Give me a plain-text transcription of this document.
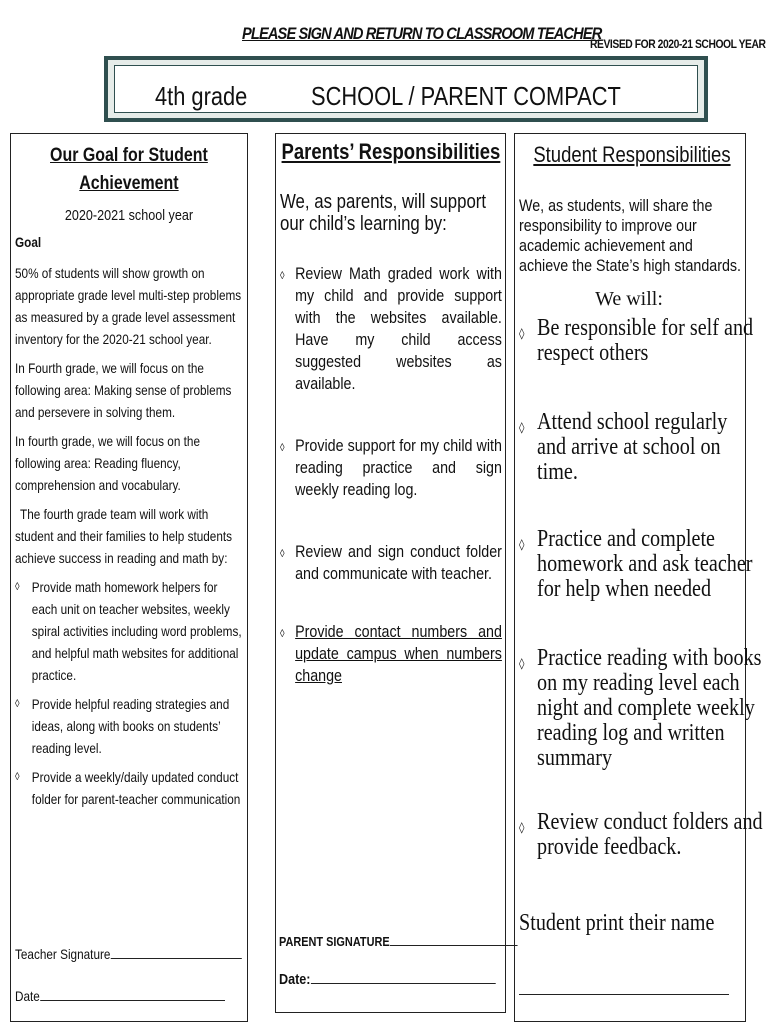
PLEASE SIGN AND RETURN TO CLASSROOM TEACHER
REVISED FOR 2020-21 SCHOOL YEAR
4th grade SCHOOL / PARENT COMPACT
Our Goal for Student Achievement
2020-2021 school year
Goal

50% of students will show growth on appropriate grade level multi-step problems as measured by a grade level assessment inventory for the 2020-21 school year.

In Fourth grade, we will focus on the following area: Making sense of problems and persevere in solving them.

In fourth grade, we will focus on the following area: Reading fluency, comprehension and vocabulary.

The fourth grade team will work with student and their families to help students achieve success in reading and math by:

◊ Provide math homework helpers for each unit on teacher websites, weekly spiral activities including word problems, and helpful math websites for additional practice.
◊ Provide helpful reading strategies and ideas, along with books on students’ reading level.
◊ Provide a weekly/daily updated conduct folder for parent-teacher communication
Teacher Signature
Date
Parents’ Responsibilities
We, as parents, will support our child’s learning by:
◊ Review Math graded work with my child and provide support with the websites available. Have my child access suggested websites as available.
◊ Provide support for my child with reading practice and sign weekly reading log.
◊ Review and sign conduct folder and communicate with teacher.
◊ Provide contact numbers and update campus when numbers change
PARENT SIGNATURE
Date:
Student Responsibilities
We, as students, will share the responsibility to improve our academic achievement and achieve the State’s high standards.
We will:
◊ Be responsible for self and respect others
◊ Attend school regularly and arrive at school on time.
◊ Practice and complete homework and ask teacher for help when needed
◊ Practice reading with books on my reading level each night and complete weekly reading log and written summary
◊ Review conduct folders and provide feedback.
Student print their name
